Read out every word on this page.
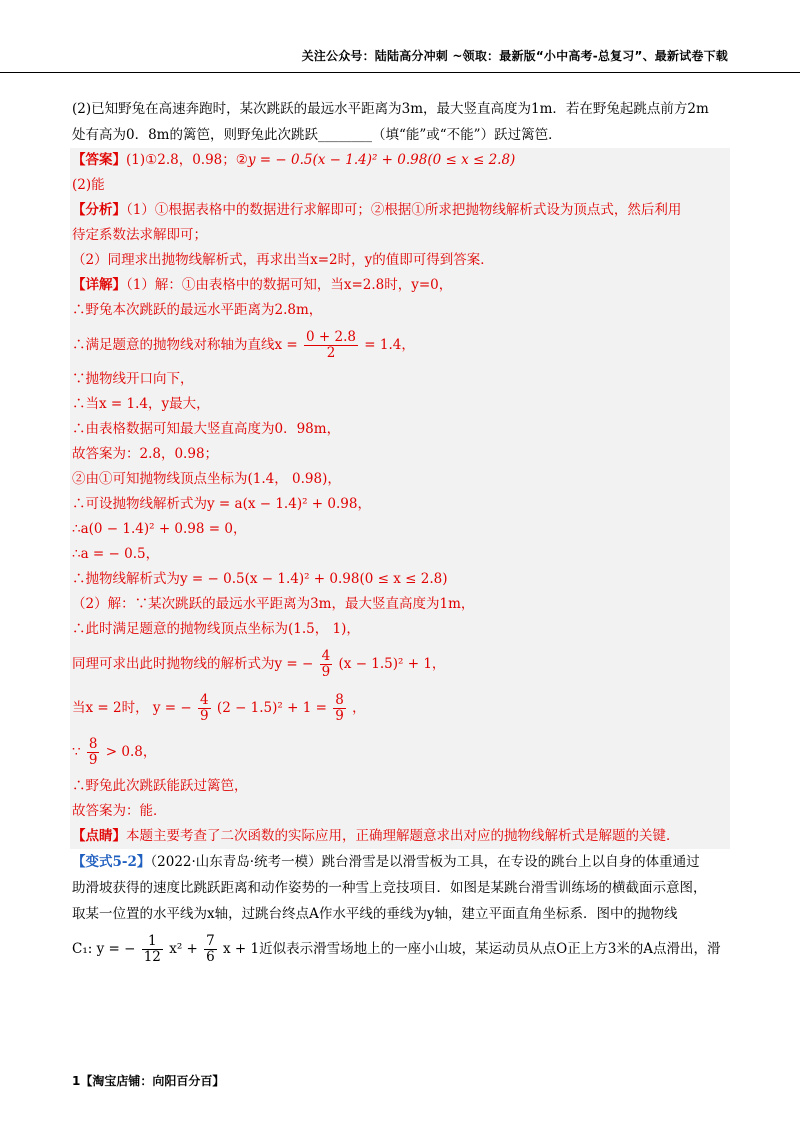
关注公众号：陆陆高分冲刺 ~领取：最新版“小中高考-总复习”、最新试卷下载
(2)已知野兔在高速奔跑时，某次跳跃的最远水平距离为3m，最大竖直高度为1m．若在野兔起跳点前方2m
处有高为0．8m的篱笆，则野兔此次跳跃________（填“能”或“不能”）跃过篱笆．
【答案】(1)①2.8，0.98；②y = − 0.5(x − 1.4)² + 0.98(0 ≤ x ≤ 2.8)
(2)能
【分析】（1）①根据表格中的数据进行求解即可；②根据①所求把抛物线解析式设为顶点式，然后利用
待定系数法求解即可；
（2）同理求出抛物线解析式，再求出当x=2时，y的值即可得到答案．
【详解】（1）解：①由表格中的数据可知，当x=2.8时，y=0，
∴野兔本次跳跃的最远水平距离为2.8m，
∴满足题意的抛物线对称轴为直线$x = \frac{0 + 2.8}{2} = 1.4$，
∵抛物线开口向下，
∴当x = 1.4，y最大，
∴由表格数据可知最大竖直高度为0．98m，
故答案为：2.8，0.98；
②由①可知抛物线顶点坐标为(1.4， 0.98)，
∴可设抛物线解析式为y = a(x − 1.4)² + 0.98，
∴a(0 − 1.4)² + 0.98 = 0，
∴a = − 0.5，
∴抛物线解析式为y = − 0.5(x − 1.4)² + 0.98(0 ≤ x ≤ 2.8)
（2）解：∵某次跳跃的最远水平距离为3m，最大竖直高度为1m，
∴此时满足题意的抛物线顶点坐标为(1.5， 1)，
同理可求出此时抛物线的解析式为y = − $\frac{4}{9} (x - 1.5)^2 + 1$，
当x = 2时， y = − $\frac{4}{9} (2 - 1.5)^2 + 1 = \frac{8}{9}$ ，
∵ $\frac{8}{9} > 0.8$，
∴野兔此次跳跃能跃过篱笆，
故答案为：能．
【点睛】本题主要考查了二次函数的实际应用，正确理解题意求出对应的抛物线解析式是解题的关键．
【变式5-2】（2022·山东青岛·统考一模）跳台滑雪是以滑雪板为工具，在专设的跳台上以自身的体重通过
助滑坡获得的速度比跳跃距离和动作姿势的一种雪上竞技项目．如图是某跳台滑雪训练场的横截面示意图，
取某一位置的水平线为x轴，过跳台终点A作水平线的垂线为y轴，建立平面直角坐标系．图中的抛物线
C₁: y = − $\frac{1}{12} x^2 + \frac{7}{6}$ x + 1近似表示滑雪场地上的一座小山坡，某运动员从点O正上方3米的A点滑出，滑
1【淘宝店铺：向阳百分百】
